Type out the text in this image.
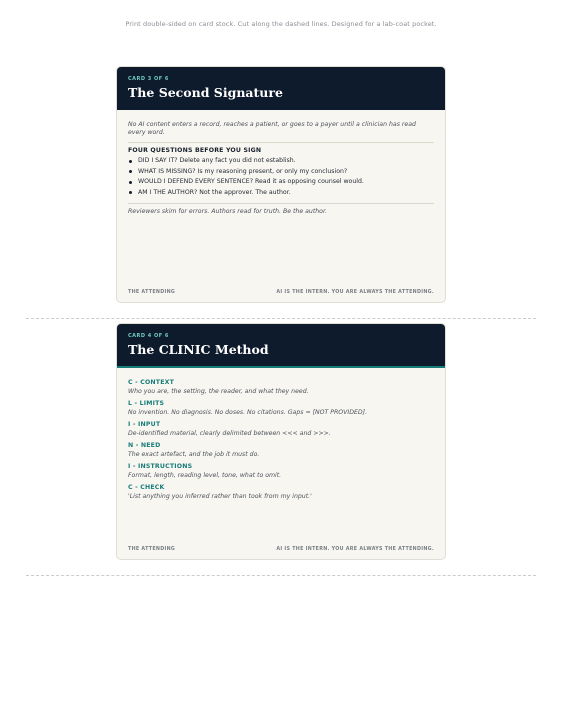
Print double-sided on card stock. Cut along the dashed lines. Designed for a lab-coat pocket.
CARD 3 OF 6
The Second Signature
No AI content enters a record, reaches a patient, or goes to a payer until a clinician has read every word.
FOUR QUESTIONS BEFORE YOU SIGN
DID I SAY IT? Delete any fact you did not establish.
WHAT IS MISSING? Is my reasoning present, or only my conclusion?
WOULD I DEFEND EVERY SENTENCE? Read it as opposing counsel would.
AM I THE AUTHOR? Not the approver. The author.
Reviewers skim for errors. Authors read for truth. Be the author.
THE ATTENDING	AI IS THE INTERN. YOU ARE ALWAYS THE ATTENDING.
CARD 4 OF 6
The CLINIC Method
C - CONTEXT
Who you are, the setting, the reader, and what they need.
L - LIMITS
No invention. No diagnosis. No doses. No citations. Gaps = [NOT PROVIDED].
I - INPUT
De-identified material, clearly delimited between <<< and >>>.
N - NEED
The exact artefact, and the job it must do.
I - INSTRUCTIONS
Format, length, reading level, tone, what to omit.
C - CHECK
'List anything you inferred rather than took from my input.'
THE ATTENDING	AI IS THE INTERN. YOU ARE ALWAYS THE ATTENDING.
